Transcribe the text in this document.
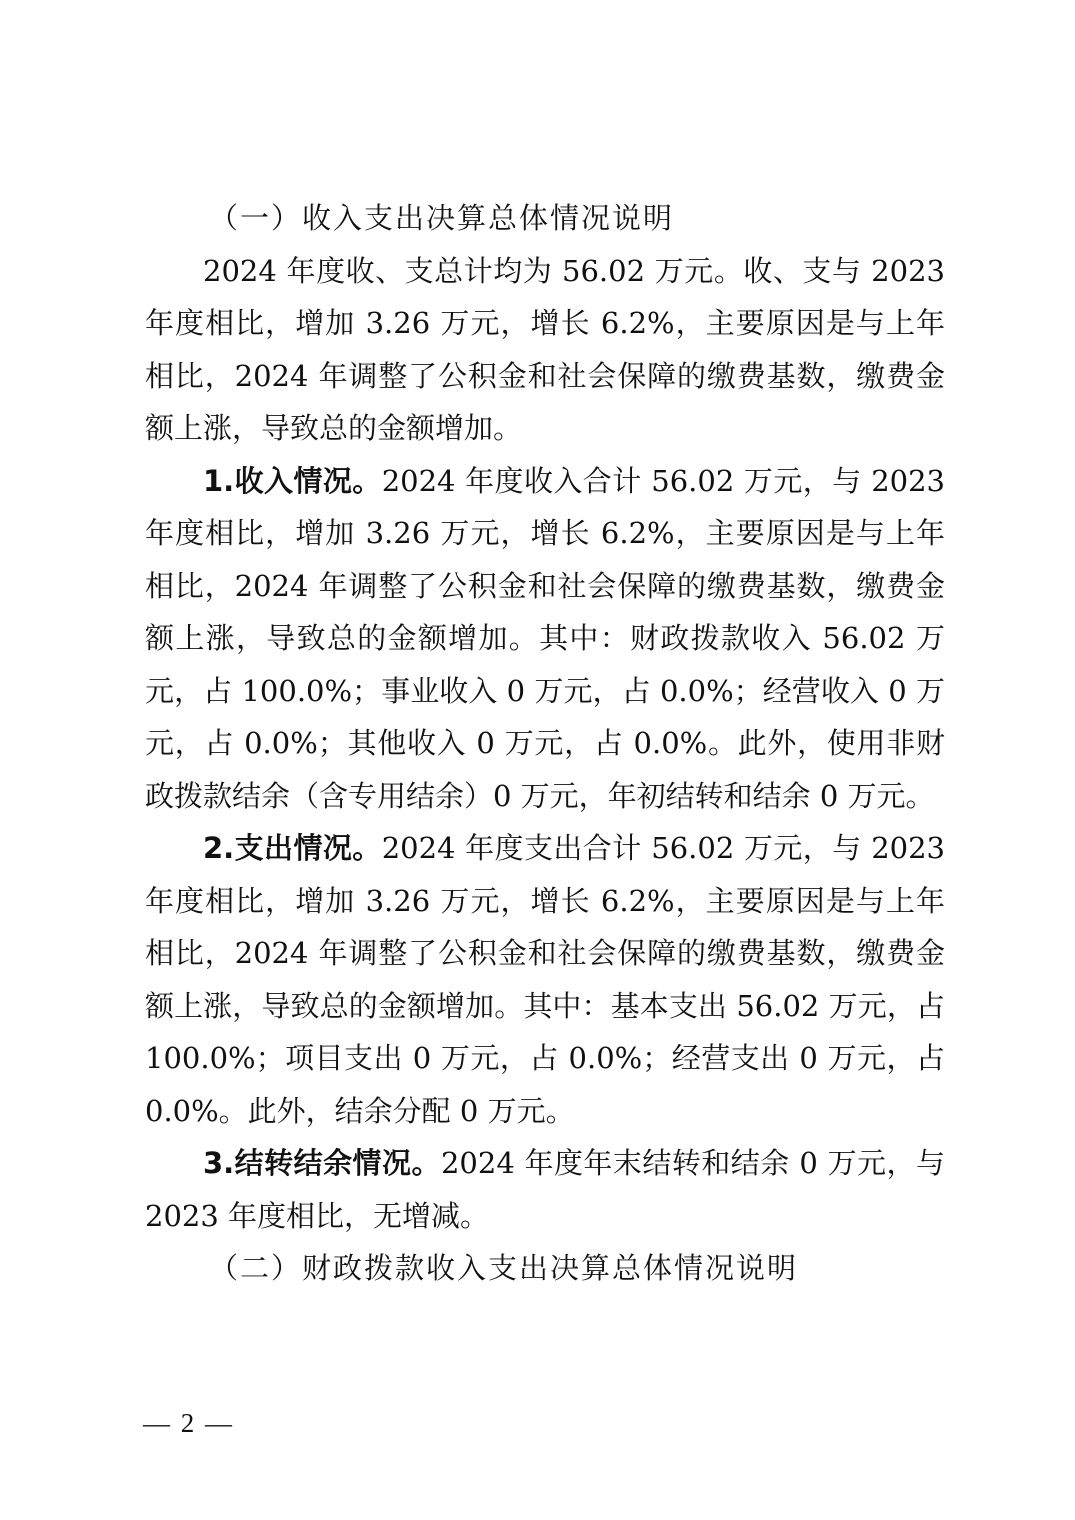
（一）收入支出决算总体情况说明

2024 年度收、支总计均为 56.02 万元。收、支与 2023 年度相比，增加 3.26 万元，增长 6.2%，主要原因是与上年相比，2024 年调整了公积金和社会保障的缴费基数，缴费金额上涨，导致总的金额增加。

1.收入情况。2024 年度收入合计 56.02 万元，与 2023 年度相比，增加 3.26 万元，增长 6.2%，主要原因是与上年相比，2024 年调整了公积金和社会保障的缴费基数，缴费金额上涨，导致总的金额增加。其中：财政拨款收入 56.02 万元，占 100.0%；事业收入 0 万元，占 0.0%；经营收入 0 万元，占 0.0%；其他收入 0 万元，占 0.0%。此外，使用非财政拨款结余（含专用结余）0 万元，年初结转和结余 0 万元。

2.支出情况。2024 年度支出合计 56.02 万元，与 2023 年度相比，增加 3.26 万元，增长 6.2%，主要原因是与上年相比，2024 年调整了公积金和社会保障的缴费基数，缴费金额上涨，导致总的金额增加。其中：基本支出 56.02 万元，占 100.0%；项目支出 0 万元，占 0.0%；经营支出 0 万元，占 0.0%。此外，结余分配 0 万元。

3.结转结余情况。2024 年度年末结转和结余 0 万元，与 2023 年度相比，无增减。

（二）财政拨款收入支出决算总体情况说明

— 2 —
